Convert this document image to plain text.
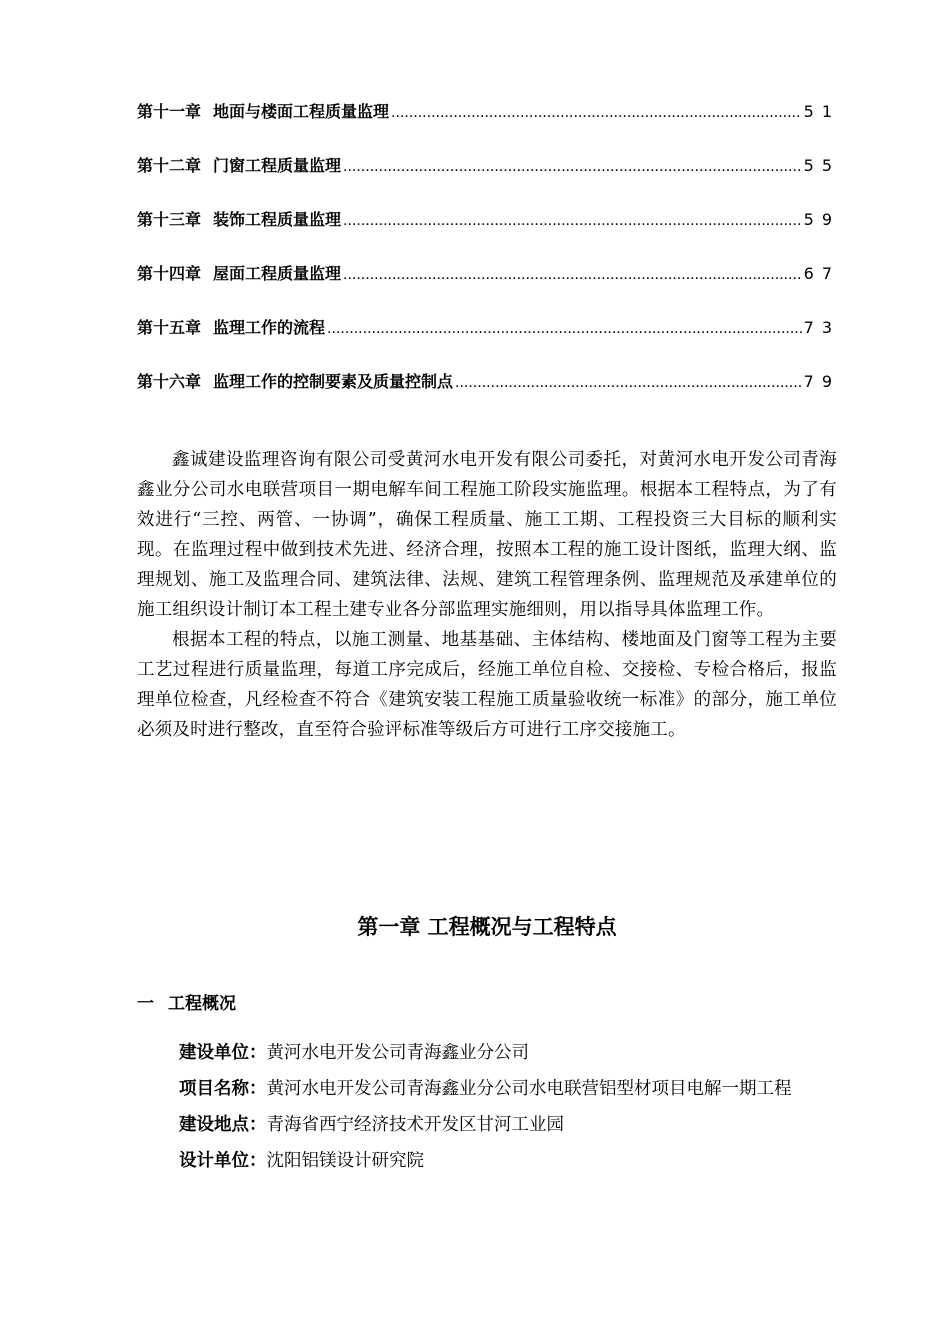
第十一章 地面与楼面工程质量监理 .....	51
第十二章 门窗工程质量监理 .....	55
第十三章 装饰工程质量监理 .....	59
第十四章 屋面工程质量监理 .....	67
第十五章 监理工作的流程 .....	73
第十六章 监理工作的控制要素及质量控制点 .....	79

鑫诚建设监理咨询有限公司受黄河水电开发有限公司委托，对黄河水电开发公司青海鑫业分公司水电联营项目一期电解车间工程施工阶段实施监理。根据本工程特点，为了有效进行“三控、两管、一协调”，确保工程质量、施工工期、工程投资三大目标的顺利实现。在监理过程中做到技术先进、经济合理，按照本工程的施工设计图纸，监理大纲、监理规划、施工及监理合同、建筑法律、法规、建筑工程管理条例、监理规范及承建单位的施工组织设计制订本工程土建专业各分部监理实施细则，用以指导具体监理工作。

根据本工程的特点，以施工测量、地基基础、主体结构、楼地面及门窗等工程为主要工艺过程进行质量监理，每道工序完成后，经施工单位自检、交接检、专检合格后，报监理单位检查，凡经检查不符合《建筑安装工程施工质量验收统一标准》的部分，施工单位必须及时进行整改，直至符合验评标准等级后方可进行工序交接施工。

第一章 工程概况与工程特点
一 工程概况

建设单位：黄河水电开发公司青海鑫业分公司

项目名称：黄河水电开发公司青海鑫业分公司水电联营铝型材项目电解一期工程

建设地点：青海省西宁经济技术开发区甘河工业园

设计单位：沈阳铝镁设计研究院
